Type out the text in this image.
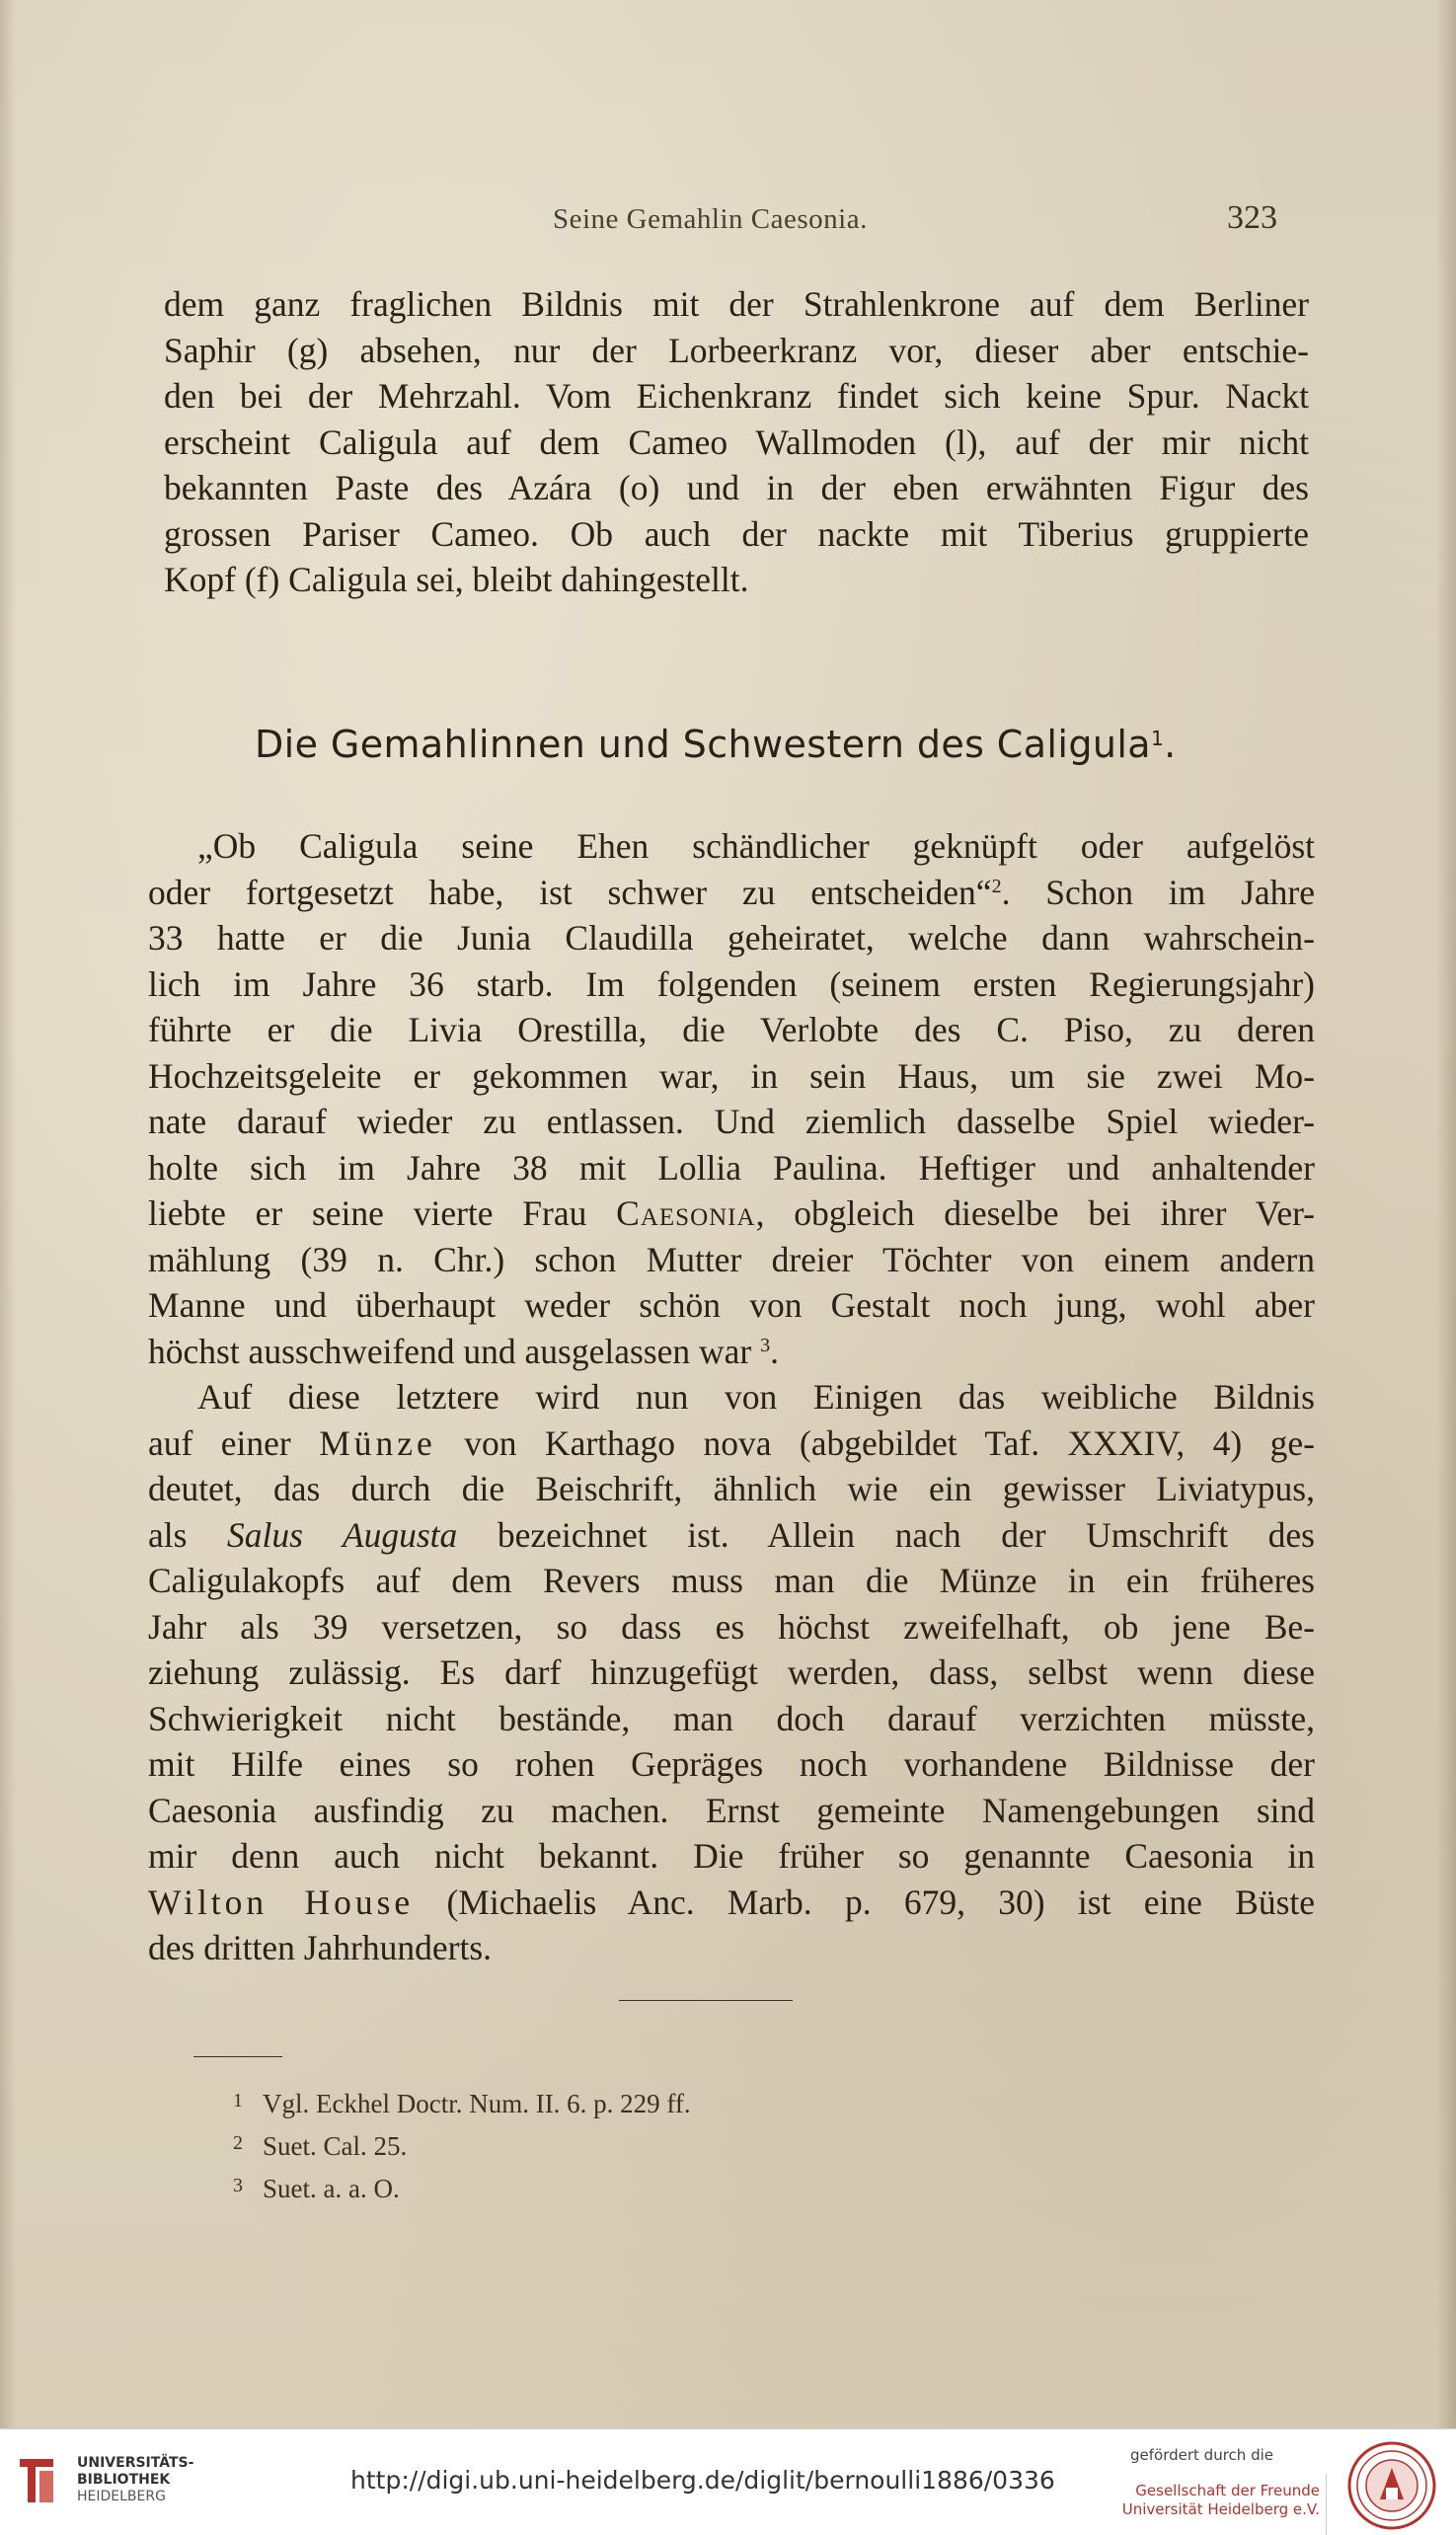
Seine Gemahlin Caesonia.	323

dem ganz fraglichen Bildnis mit der Strahlenkrone auf dem Berliner
Saphir (g) absehen, nur der Lorbeerkranz vor, dieser aber entschie-
den bei der Mehrzahl. Vom Eichenkranz findet sich keine Spur. Nackt
erscheint Caligula auf dem Cameo Wallmoden (l), auf der mir nicht
bekannten Paste des Azára (o) und in der eben erwähnten Figur des
grossen Pariser Cameo. Ob auch der nackte mit Tiberius gruppierte
Kopf (f) Caligula sei, bleibt dahingestellt.

Die Gemahlinnen und Schwestern des Caligula$^1$.

„Ob Caligula seine Ehen schändlicher geknüpft oder aufgelöst
oder fortgesetzt habe, ist schwer zu entscheiden“$^2$. Schon im Jahre
33 hatte er die Junia Claudilla geheiratet, welche dann wahrschein-
lich im Jahre 36 starb. Im folgenden (seinem ersten Regierungsjahr)
führte er die Livia Orestilla, die Verlobte des C. Piso, zu deren
Hochzeitsgeleite er gekommen war, in sein Haus, um sie zwei Mo-
nate darauf wieder zu entlassen. Und ziemlich dasselbe Spiel wieder-
holte sich im Jahre 38 mit Lollia Paulina. Heftiger und anhaltender
liebte er seine vierte Frau Caesonia, obgleich dieselbe bei ihrer Ver-
mählung (39 n. Chr.) schon Mutter dreier Töchter von einem andern
Manne und überhaupt weder schön von Gestalt noch jung, wohl aber
höchst ausschweifend und ausgelassen war $^3$.
Auf diese letztere wird nun von Einigen das weibliche Bildnis
auf einer Münze von Karthago nova (abgebildet Taf. XXXIV, 4) ge-
deutet, das durch die Beischrift, ähnlich wie ein gewisser Liviatypus,
als Salus Augusta bezeichnet ist. Allein nach der Umschrift des
Caligulakopfs auf dem Revers muss man die Münze in ein früheres
Jahr als 39 versetzen, so dass es höchst zweifelhaft, ob jene Be-
ziehung zulässig. Es darf hinzugefügt werden, dass, selbst wenn diese
Schwierigkeit nicht bestände, man doch darauf verzichten müsste,
mit Hilfe eines so rohen Gepräges noch vorhandene Bildnisse der
Caesonia ausfindig zu machen. Ernst gemeinte Namengebungen sind
mir denn auch nicht bekannt. Die früher so genannte Caesonia in
Wilton House (Michaelis Anc. Marb. p. 679, 30) ist eine Büste
des dritten Jahrhunderts.

1 Vgl. Eckhel Doctr. Num. II. 6. p. 229 ff.
2 Suet. Cal. 25.
3 Suet. a. a. O.
UNIVERSITÄTS-
BIBLIOTHEK
HEIDELBERG
http://digi.ub.uni-heidelberg.de/diglit/bernoulli1886/0336
gefördert durch die
Gesellschaft der Freunde
Universität Heidelberg e.V.
